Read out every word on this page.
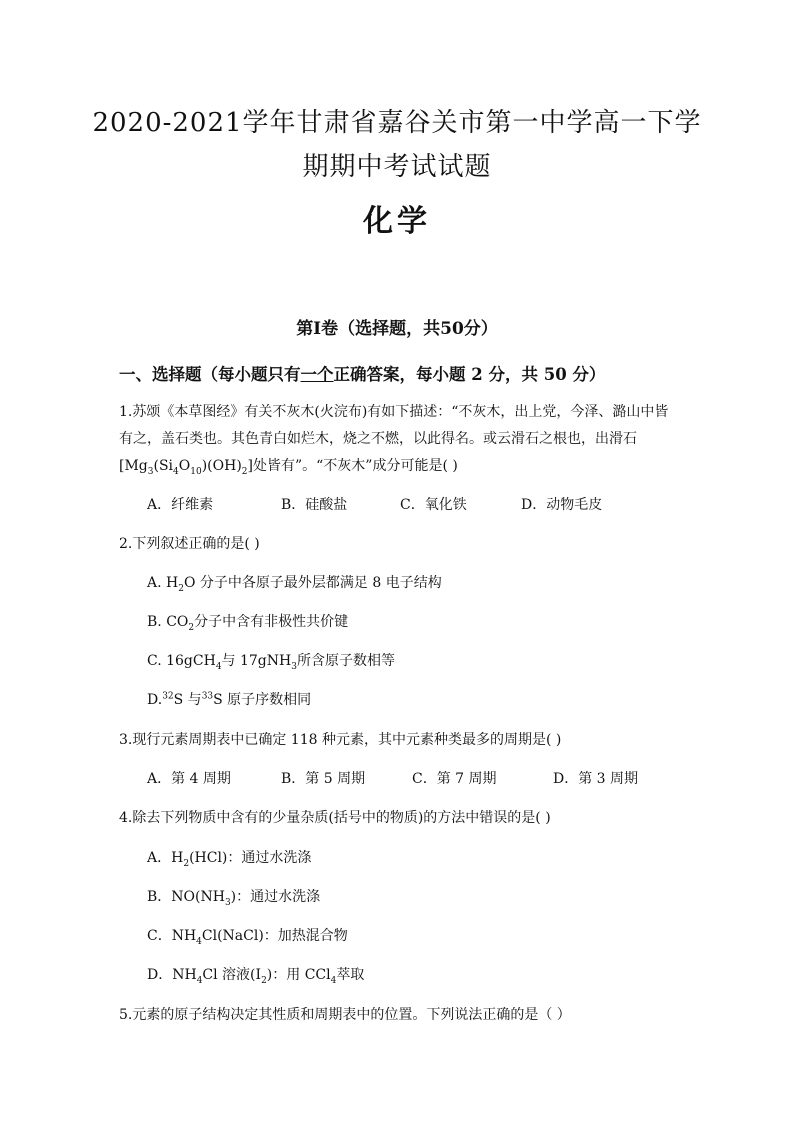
2020-2021学年甘肃省嘉谷关市第一中学高一下学
期期中考试试题
化学
第Ⅰ卷（选择题，共50分）
一、选择题（每小题只有一个正确答案，每小题 2 分，共 50 分）
1.苏颂《本草图经》有关不灰木(火浣布)有如下描述：“不灰木，出上党，今泽、潞山中皆
有之，盖石类也。其色青白如烂木，烧之不燃，以此得名。或云滑石之根也，出滑石
$[Mg_3(Si_4O_{10})(OH)_2]$处皆有”。“不灰木”成分可能是( )
A．纤维素	B．硅酸盐	C．氧化铁	D．动物毛皮
2.下列叙述正确的是( )
A. $H_2O$ 分子中各原子最外层都满足 8 电子结构
B. $CO_2$分子中含有非极性共价键
C. 16gCH$_4$与 17gNH$_3$所含原子数相等
D.$^{32}$S 与$^{33}$S 原子序数相同
3.现行元素周期表中已确定 118 种元素，其中元素种类最多的周期是( )
A．第 4 周期	B．第 5 周期	C．第 7 周期	D．第 3 周期
4.除去下列物质中含有的少量杂质(括号中的物质)的方法中错误的是( )
A．$H_2(HCl)$：通过水洗涤
B．$NO(NH_3)$：通过水洗涤
C．$NH_4Cl(NaCl)$：加热混合物
D．$NH_4Cl$ 溶液$(I_2)$：用 CCl$_4$萃取
5.元素的原子结构决定其性质和周期表中的位置。下列说法正确的是（ ）
